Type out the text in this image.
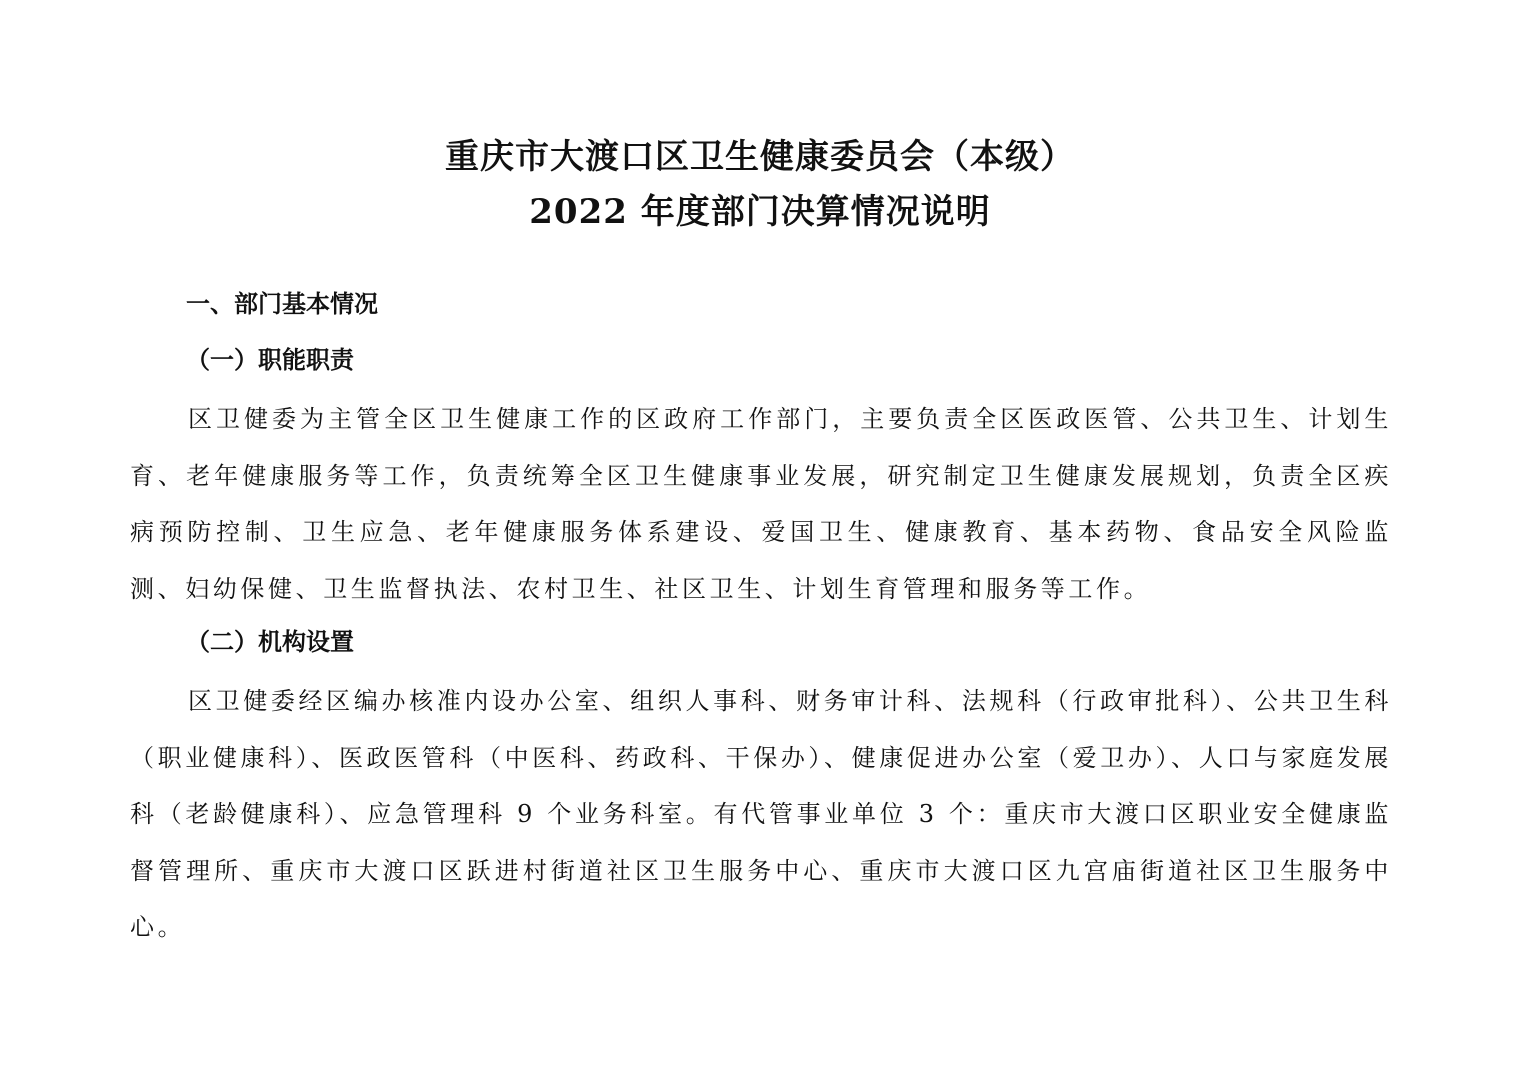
重庆市大渡口区卫生健康委员会（本级）
2022 年度部门决算情况说明
一、部门基本情况
（一）职能职责
区卫健委为主管全区卫生健康工作的区政府工作部门，主要负责全区医政医管、公共卫生、计划生育、老年健康服务等工作，负责统筹全区卫生健康事业发展，研究制定卫生健康发展规划，负责全区疾病预防控制、卫生应急、老年健康服务体系建设、爱国卫生、健康教育、基本药物、食品安全风险监测、妇幼保健、卫生监督执法、农村卫生、社区卫生、计划生育管理和服务等工作。
（二）机构设置
区卫健委经区编办核准内设办公室、组织人事科、财务审计科、法规科（行政审批科）、公共卫生科（职业健康科）、医政医管科（中医科、药政科、干保办）、健康促进办公室（爱卫办）、人口与家庭发展科（老龄健康科）、应急管理科 9 个业务科室。有代管事业单位 3 个：重庆市大渡口区职业安全健康监督管理所、重庆市大渡口区跃进村街道社区卫生服务中心、重庆市大渡口区九宫庙街道社区卫生服务中心。
